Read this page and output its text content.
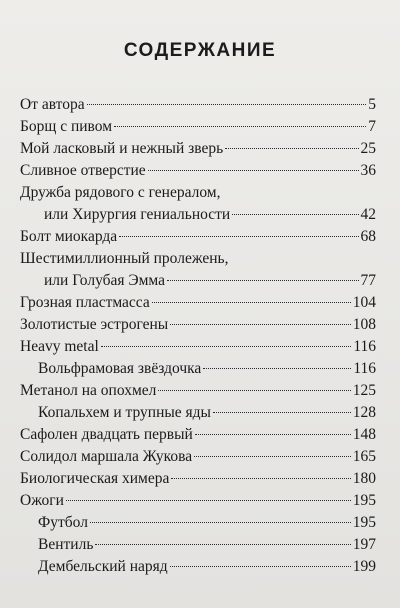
СОДЕРЖАНИЕ
От автора	5
Борщ с пивом	7
Мой ласковый и нежный зверь	25
Сливное отверстие	36
Дружба рядового с генералом,
или Хирургия гениальности	42
Болт миокарда	68
Шестимиллионный пролежень,
или Голубая Эмма	77
Грозная пластмасса	104
Золотистые эстрогены	108
Heavy metal	116
Вольфрамовая звёздочка	116
Метанол на опохмел	125
Копальхем и трупные яды	128
Сафолен двадцать первый	148
Солидол маршала Жукова	165
Биологическая химера	180
Ожоги	195
Футбол	195
Вентиль	197
Дембельский наряд	199
